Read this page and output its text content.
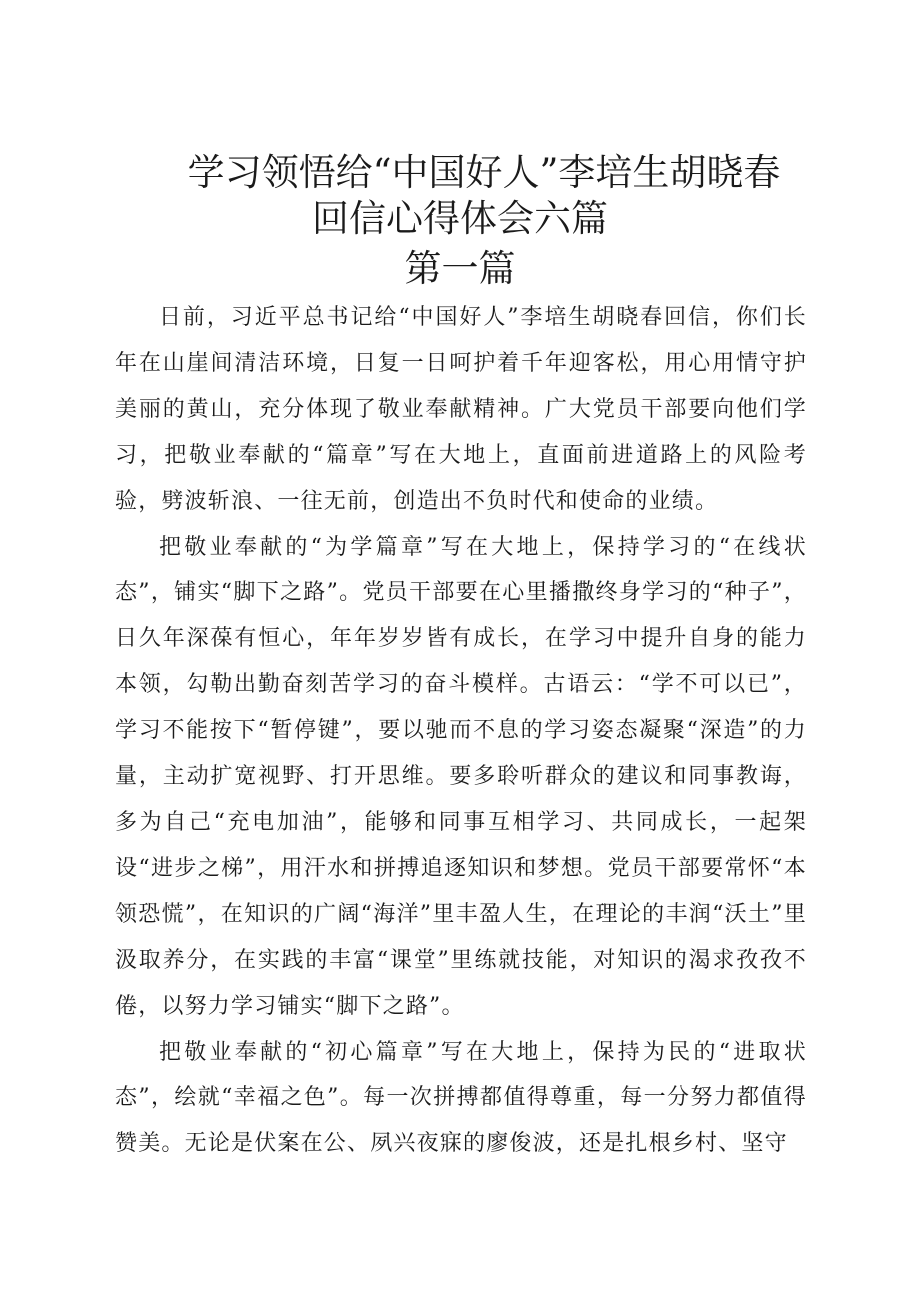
学习领悟给“中国好人”李培生胡晓春
回信心得体会六篇
第一篇

日前，习近平总书记给“中国好人”李培生胡晓春回信，你们长年在山崖间清洁环境，日复一日呵护着千年迎客松，用心用情守护美丽的黄山，充分体现了敬业奉献精神。广大党员干部要向他们学习，把敬业奉献的“篇章”写在大地上，直面前进道路上的风险考验，劈波斩浪、一往无前，创造出不负时代和使命的业绩。

把敬业奉献的“为学篇章”写在大地上，保持学习的“在线状态”，铺实“脚下之路”。党员干部要在心里播撒终身学习的“种子”，日久年深葆有恒心，年年岁岁皆有成长，在学习中提升自身的能力本领，勾勒出勤奋刻苦学习的奋斗模样。古语云：“学不可以已”，学习不能按下“暂停键”，要以驰而不息的学习姿态凝聚“深造”的力量，主动扩宽视野、打开思维。要多聆听群众的建议和同事教诲，多为自己“充电加油”，能够和同事互相学习、共同成长，一起架设“进步之梯”，用汗水和拼搏追逐知识和梦想。党员干部要常怀“本领恐慌”，在知识的广阔“海洋”里丰盈人生，在理论的丰润“沃土”里汲取养分，在实践的丰富“课堂”里练就技能，对知识的渴求孜孜不倦，以努力学习铺实“脚下之路”。

把敬业奉献的“初心篇章”写在大地上，保持为民的“进取状态”，绘就“幸福之色”。每一次拼搏都值得尊重，每一分努力都值得赞美。无论是伏案在公、夙兴夜寐的廖俊波，还是扎根乡村、坚守
